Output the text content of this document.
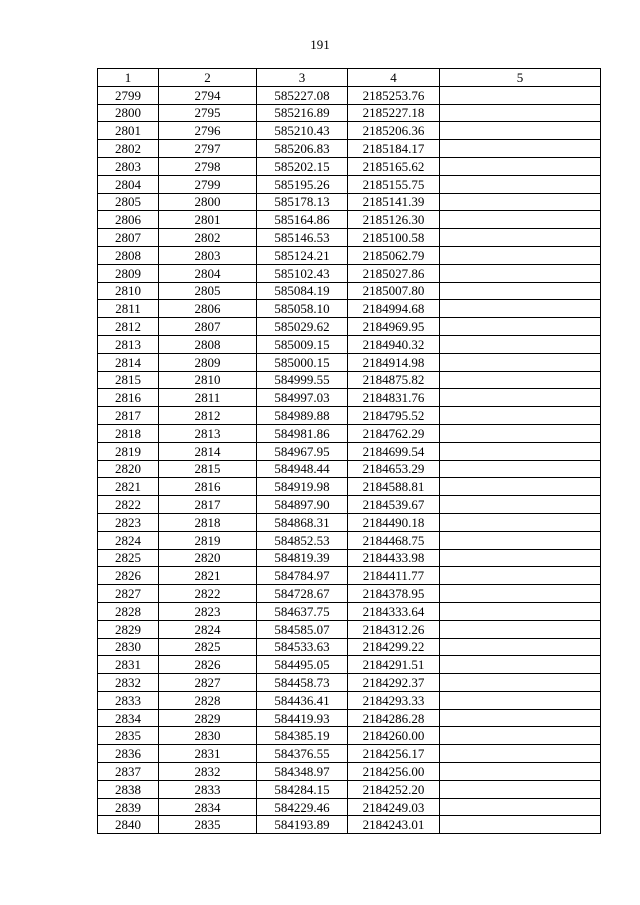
191
1	2	3	4	5
2799	2794	585227.08	2185253.76	
2800	2795	585216.89	2185227.18	
2801	2796	585210.43	2185206.36	
2802	2797	585206.83	2185184.17	
2803	2798	585202.15	2185165.62	
2804	2799	585195.26	2185155.75	
2805	2800	585178.13	2185141.39	
2806	2801	585164.86	2185126.30	
2807	2802	585146.53	2185100.58	
2808	2803	585124.21	2185062.79	
2809	2804	585102.43	2185027.86	
2810	2805	585084.19	2185007.80	
2811	2806	585058.10	2184994.68	
2812	2807	585029.62	2184969.95	
2813	2808	585009.15	2184940.32	
2814	2809	585000.15	2184914.98	
2815	2810	584999.55	2184875.82	
2816	2811	584997.03	2184831.76	
2817	2812	584989.88	2184795.52	
2818	2813	584981.86	2184762.29	
2819	2814	584967.95	2184699.54	
2820	2815	584948.44	2184653.29	
2821	2816	584919.98	2184588.81	
2822	2817	584897.90	2184539.67	
2823	2818	584868.31	2184490.18	
2824	2819	584852.53	2184468.75	
2825	2820	584819.39	2184433.98	
2826	2821	584784.97	2184411.77	
2827	2822	584728.67	2184378.95	
2828	2823	584637.75	2184333.64	
2829	2824	584585.07	2184312.26	
2830	2825	584533.63	2184299.22	
2831	2826	584495.05	2184291.51	
2832	2827	584458.73	2184292.37	
2833	2828	584436.41	2184293.33	
2834	2829	584419.93	2184286.28	
2835	2830	584385.19	2184260.00	
2836	2831	584376.55	2184256.17	
2837	2832	584348.97	2184256.00	
2838	2833	584284.15	2184252.20	
2839	2834	584229.46	2184249.03	
2840	2835	584193.89	2184243.01	
